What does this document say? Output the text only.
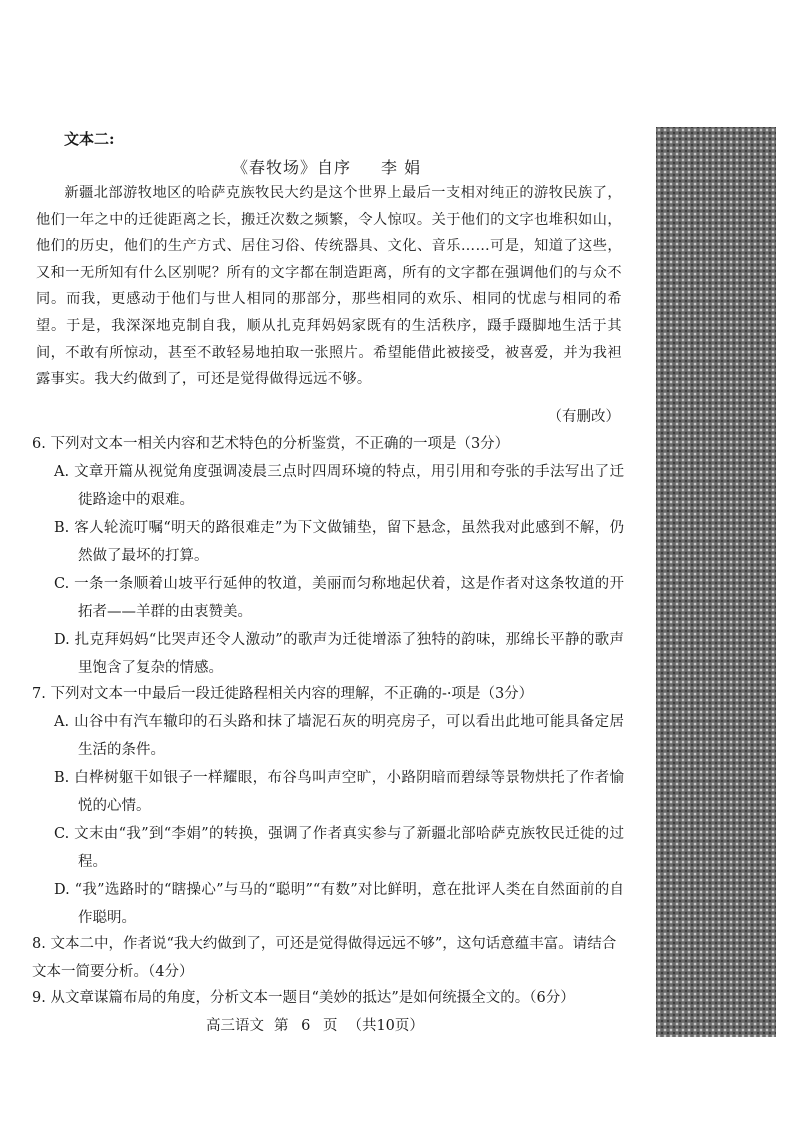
文本二:
《春牧场》自序 李 娟
新疆北部游牧地区的哈萨克族牧民大约是这个世界上最后一支相对纯正的游牧民族了，他们一年之中的迁徙距离之长，搬迁次数之频繁，令人惊叹。关于他们的文字也堆积如山，他们的历史，他们的生产方式、居住习俗、传统器具、文化、音乐……可是，知道了这些，又和一无所知有什么区别呢？所有的文字都在制造距离，所有的文字都在强调他们的与众不同。而我，更感动于他们与世人相同的那部分，那些相同的欢乐、相同的忧虑与相同的希望。于是，我深深地克制自我，顺从扎克拜妈妈家既有的生活秩序，蹑手蹑脚地生活于其间，不敢有所惊动，甚至不敢轻易地拍取一张照片。希望能借此被接受，被喜爱，并为我袒露事实。我大约做到了，可还是觉得做得远远不够。
（有删改）
6. 下列对文本一相关内容和艺术特色的分析鉴赏，不正确的一项是（3分）
A. 文章开篇从视觉角度强调凌晨三点时四周环境的特点，用引用和夸张的手法写出了迁徙路途中的艰难。
B. 客人轮流叮嘱“明天的路很难走”为下文做铺垫，留下悬念，虽然我对此感到不解，仍然做了最坏的打算。
C. 一条一条顺着山坡平行延伸的牧道，美丽而匀称地起伏着，这是作者对这条牧道的开拓者——羊群的由衷赞美。
D. 扎克拜妈妈“比哭声还令人激动”的歌声为迁徙增添了独特的韵味，那绵长平静的歌声里饱含了复杂的情感。
7. 下列对文本一中最后一段迁徙路程相关内容的理解，不正确的-·项是（3分）
A. 山谷中有汽车辙印的石头路和抹了墙泥石灰的明亮房子，可以看出此地可能具备定居生活的条件。
B. 白桦树躯干如银子一样耀眼，布谷鸟叫声空旷，小路阴暗而碧绿等景物烘托了作者愉悦的心情。
C. 文末由“我”到“李娟”的转换，强调了作者真实参与了新疆北部哈萨克族牧民迁徙的过程。
D. “我”选路时的“瞎操心”与马的“聪明”“有数”对比鲜明，意在批评人类在自然面前的自作聪明。
8. 文本二中，作者说“我大约做到了，可还是觉得做得远远不够”，这句话意蕴丰富。请结合文本一简要分析。（4分）
9. 从文章谋篇布局的角度，分析文本一题目“美妙的抵达”是如何统摄全文的。（6分）
高三语文 第 6 页 （共10页）
